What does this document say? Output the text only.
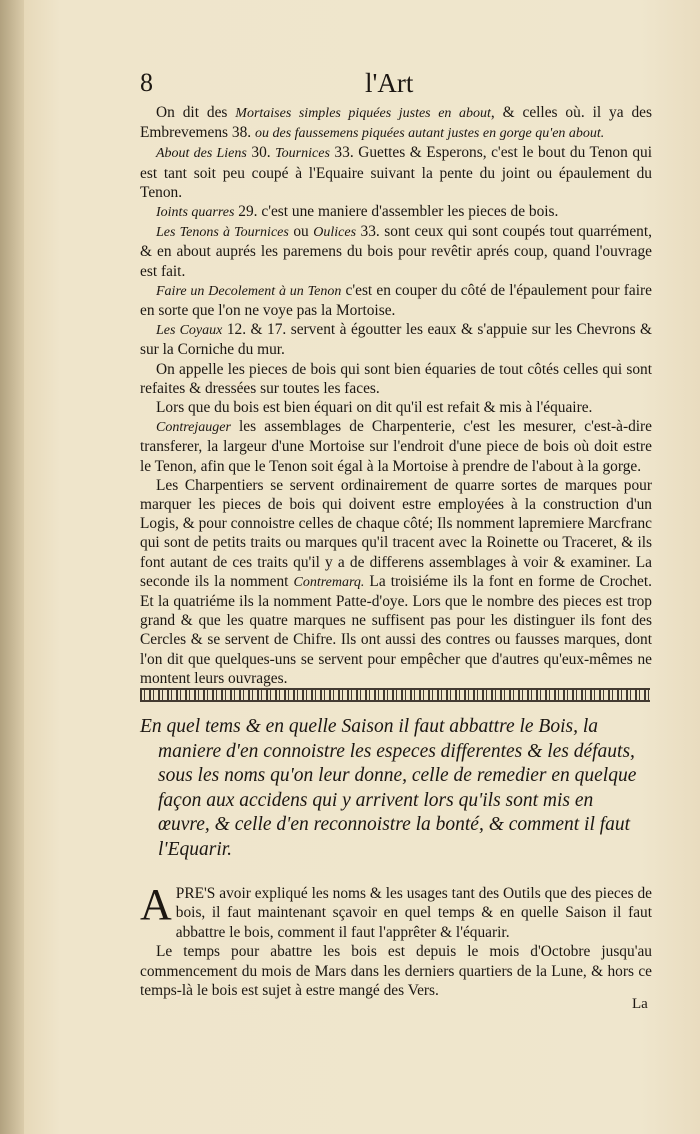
8	l'Art

On dit des Mortaises simples piquées justes en about, & celles où. il ya des Embrevemens 38. ou des faussemens piquées autant justes en gorge qu'en about.

About des Liens 30. Tournices 33. Guettes & Esperons, c'est le bout du Tenon qui est tant soit peu coupé à l'Equaire suivant la pente du joint ou épaulement du Tenon.

Ioints quarres 29. c'est une maniere d'assembler les pieces de bois.

Les Tenons à Tournices ou Oulices 33. sont ceux qui sont coupés tout quarrément, & en about auprés les paremens du bois pour revêtir aprés coup, quand l'ouvrage est fait.

Faire un Decolement à un Tenon c'est en couper du côté de l'épaulement pour faire en sorte que l'on ne voye pas la Mortoise.

Les Coyaux 12. & 17. servent à égoutter les eaux & s'appuie sur les Chevrons & sur la Corniche du mur.

On appelle les pieces de bois qui sont bien équaries de tout côtés celles qui sont refaites & dressées sur toutes les faces.

Lors que du bois est bien équari on dit qu'il est refait & mis à l'équaire.

Contrejauger les assemblages de Charpenterie, c'est les mesurer, c'est-à-dire transferer, la largeur d'une Mortoise sur l'endroit d'une piece de bois où doit estre le Tenon, afin que le Tenon soit égal à la Mortoise à prendre de l'about à la gorge.

Les Charpentiers se servent ordinairement de quarre sortes de marques pour marquer les pieces de bois qui doivent estre employées à la construction d'un Logis, & pour connoistre celles de chaque côté; Ils nomment lapremiere Marcfranc qui sont de petits traits ou marques qu'il tracent avec la Roinette ou Traceret, & ils font autant de ces traits qu'il y a de differens assemblages à voir & examiner. La seconde ils la nomment Contremarq. La troisiéme ils la font en forme de Crochet. Et la quatriéme ils la nomment Patte-d'oye. Lors que le nombre des pieces est trop grand & que les quatre marques ne suffisent pas pour les distinguer ils font des Cercles & se servent de Chifre. Ils ont aussi des contres ou fausses marques, dont l'on dit que quelques-uns se servent pour empêcher que d'autres qu'eux-mêmes ne montent leurs ouvrages.

En quel tems & en quelle Saison il faut abbattre le Bois, la
maniere d'en connoistre les especes differentes & les défauts,
sous les noms qu'on leur donne, celle de remedier en quelque
façon aux accidens qui y arrivent lors qu'ils sont mis en
œuvre, & celle d'en reconnoistre la bonté, & comment il faut
l'Equarir.

A PRE'S avoir expliqué les noms & les usages tant des Outils que des pieces de bois, il faut maintenant sçavoir en quel temps & en quelle Saison il faut abbattre le bois, comment il faut l'apprêter & l'équarir.

Le temps pour abattre les bois est depuis le mois d'Octobre jusqu'au commencement du mois de Mars dans les derniers quartiers de la Lune, & hors ce temps-là le bois est sujet à estre mangé des Vers.

La
